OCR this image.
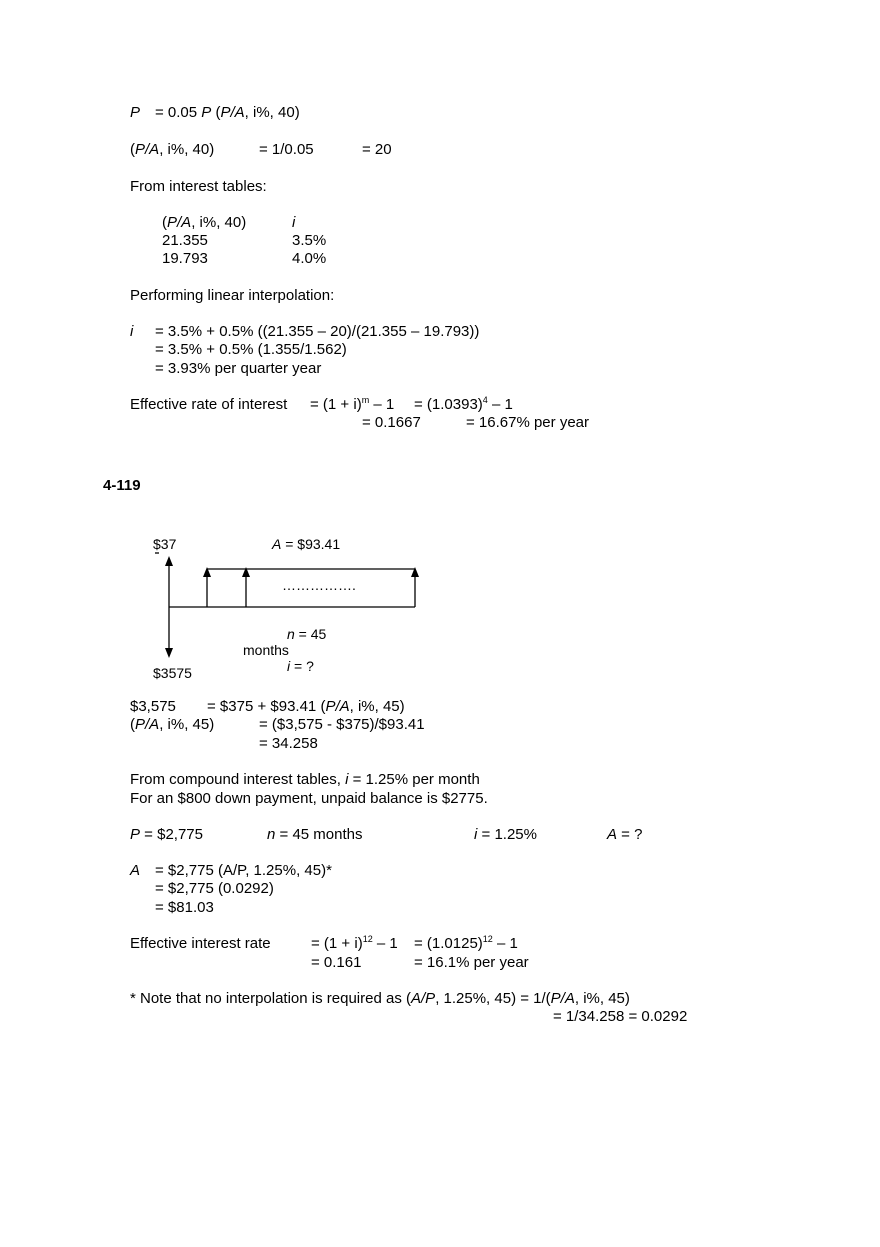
P = 0.05 P (P/A, i%, 40)
(P/A, i%, 40)	= 1/0.05	= 20
From interest tables:
(P/A, i%, 40)	i
21.355	3.5%
19.793	4.0%
Performing linear interpolation:
i = 3.5% + 0.5% ((21.355 – 20)/(21.355 – 19.793))
= 3.5% + 0.5% (1.355/1.562)
= 3.93% per quarter year
Effective rate of interest = $(1 + i)^m - 1 = (1.0393)^4 - 1$
= 0.1667	= 16.67% per year
4-119
$37	A = $93.41
…………….
n = 45
months
i = ?
$3575
$3,575 = $375 + $93.41 (P/A, i%, 45)
(P/A, i%, 45)	= ($3,575 - $375)/$93.41
= 34.258
From compound interest tables, i = 1.25% per month
For an $800 down payment, unpaid balance is $2775.
P = $2,775	n = 45 months	i = 1.25%	A = ?
A = $2,775 (A/P, 1.25%, 45)*
= $2,775 (0.0292)
= $81.03
Effective interest rate	= $(1 + i)^{12} - 1 = (1.0125)^{12} - 1$
= 0.161	= 16.1% per year
* Note that no interpolation is required as (A/P, 1.25%, 45) = 1/(P/A, i%, 45)
= 1/34.258 = 0.0292
